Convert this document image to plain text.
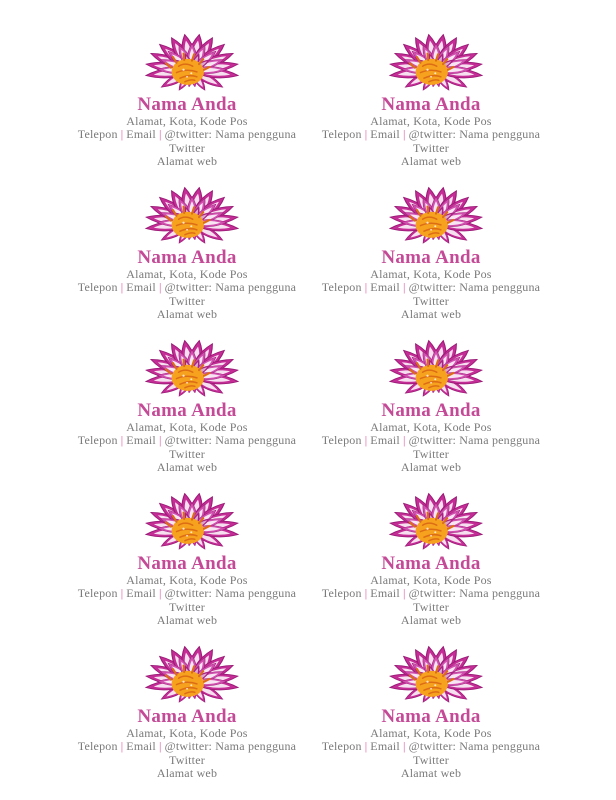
Nama Anda
Alamat, Kota, Kode Pos
Telepon | Email | @twitter: Nama pengguna
Twitter
Alamat web
Nama Anda
Alamat, Kota, Kode Pos
Telepon | Email | @twitter: Nama pengguna
Twitter
Alamat web
Nama Anda
Alamat, Kota, Kode Pos
Telepon | Email | @twitter: Nama pengguna
Twitter
Alamat web
Nama Anda
Alamat, Kota, Kode Pos
Telepon | Email | @twitter: Nama pengguna
Twitter
Alamat web
Nama Anda
Alamat, Kota, Kode Pos
Telepon | Email | @twitter: Nama pengguna
Twitter
Alamat web
Nama Anda
Alamat, Kota, Kode Pos
Telepon | Email | @twitter: Nama pengguna
Twitter
Alamat web
Nama Anda
Alamat, Kota, Kode Pos
Telepon | Email | @twitter: Nama pengguna
Twitter
Alamat web
Nama Anda
Alamat, Kota, Kode Pos
Telepon | Email | @twitter: Nama pengguna
Twitter
Alamat web
Nama Anda
Alamat, Kota, Kode Pos
Telepon | Email | @twitter: Nama pengguna
Twitter
Alamat web
Nama Anda
Alamat, Kota, Kode Pos
Telepon | Email | @twitter: Nama pengguna
Twitter
Alamat web
